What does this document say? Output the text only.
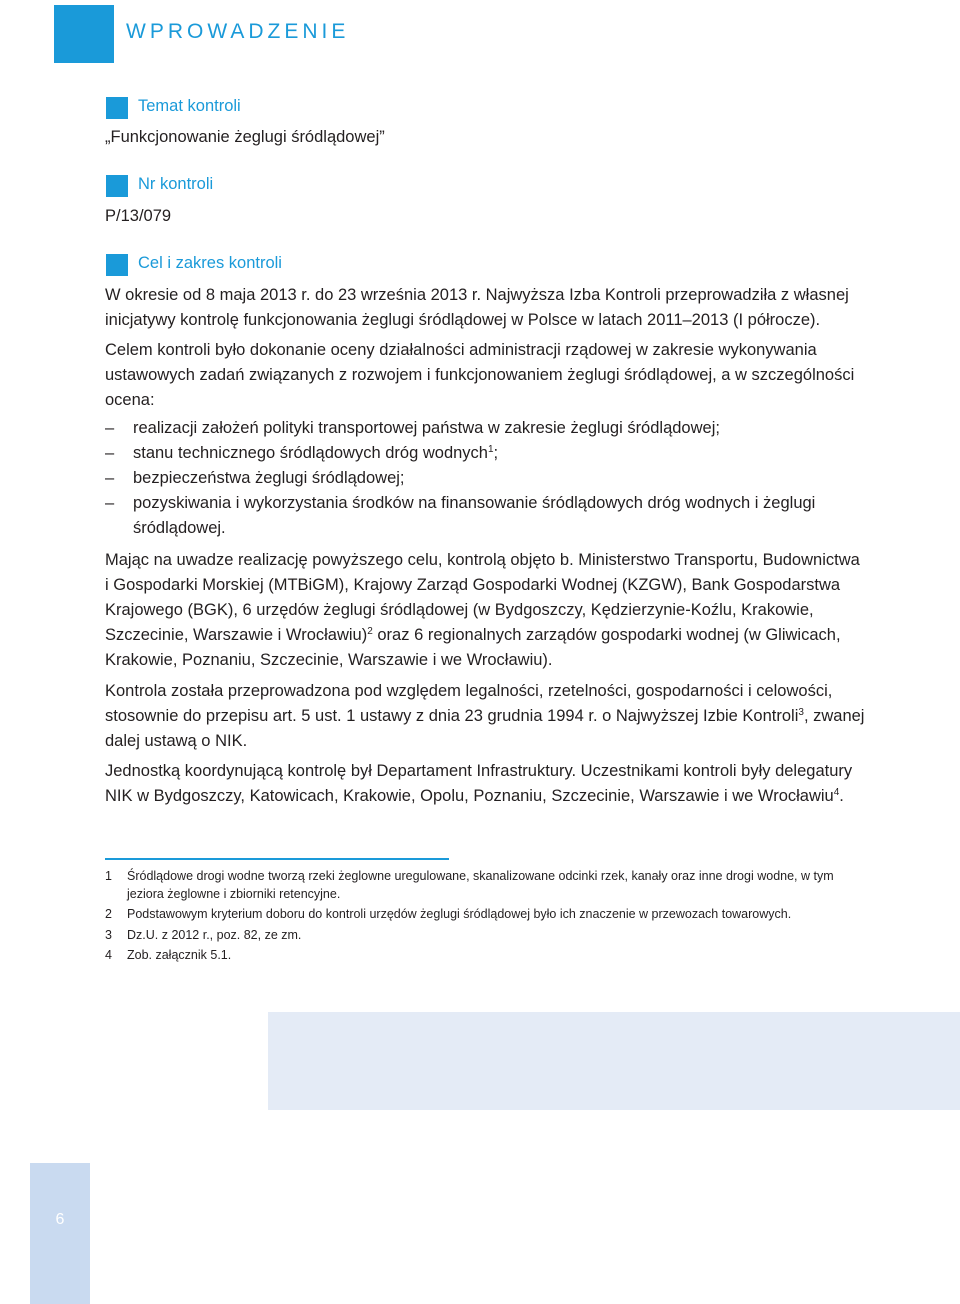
WPROWADZENIE
Temat kontroli
„Funkcjonowanie żeglugi śródlądowej”
Nr kontroli
P/13/079
Cel i zakres kontroli

W okresie od 8 maja 2013 r. do 23 września 2013 r. Najwyższa Izba Kontroli przeprowadziła z własnej inicjatywy kontrolę funkcjonowania żeglugi śródlądowej w Polsce w latach 2011–2013 (I półrocze).

Celem kontroli było dokonanie oceny działalności administracji rządowej w zakresie wykonywania ustawowych zadań związanych z rozwojem i funkcjonowaniem żeglugi śródlądowej, a w szczególności ocena:

– realizacji założeń polityki transportowej państwa w zakresie żeglugi śródlądowej;
– stanu technicznego śródlądowych dróg wodnych$^1$;
– bezpieczeństwa żeglugi śródlądowej;
– pozyskiwania i wykorzystania środków na finansowanie śródlądowych dróg wodnych i żeglugi śródlądowej.

Mając na uwadze realizację powyższego celu, kontrolą objęto b. Ministerstwo Transportu, Budownictwa i Gospodarki Morskiej (MTBiGM), Krajowy Zarząd Gospodarki Wodnej (KZGW), Bank Gospodarstwa Krajowego (BGK), 6 urzędów żeglugi śródlądowej (w Bydgoszczy, Kędzierzynie-Koźlu, Krakowie, Szczecinie, Warszawie i Wrocławiu)$^2$ oraz 6 regionalnych zarządów gospodarki wodnej (w Gliwicach, Krakowie, Poznaniu, Szczecinie, Warszawie i we Wrocławiu).

Kontrola została przeprowadzona pod względem legalności, rzetelności, gospodarności i celowości, stosownie do przepisu art. 5 ust. 1 ustawy z dnia 23 grudnia 1994 r. o Najwyższej Izbie Kontroli$^3$, zwanej dalej ustawą o NIK.

Jednostką koordynującą kontrolę był Departament Infrastruktury. Uczestnikami kontroli były delegatury NIK w Bydgoszczy, Katowicach, Krakowie, Opolu, Poznaniu, Szczecinie, Warszawie i we Wrocławiu$^4$.

1	Śródlądowe drogi wodne tworzą rzeki żeglowne uregulowane, skanalizowane odcinki rzek, kanały oraz inne drogi wodne, w tym jeziora żeglowne i zbiorniki retencyjne.
2	Podstawowym kryterium doboru do kontroli urzędów żeglugi śródlądowej było ich znaczenie w przewozach towarowych.
3	Dz.U. z 2012 r., poz. 82, ze zm.
4	Zob. załącznik 5.1.
6
